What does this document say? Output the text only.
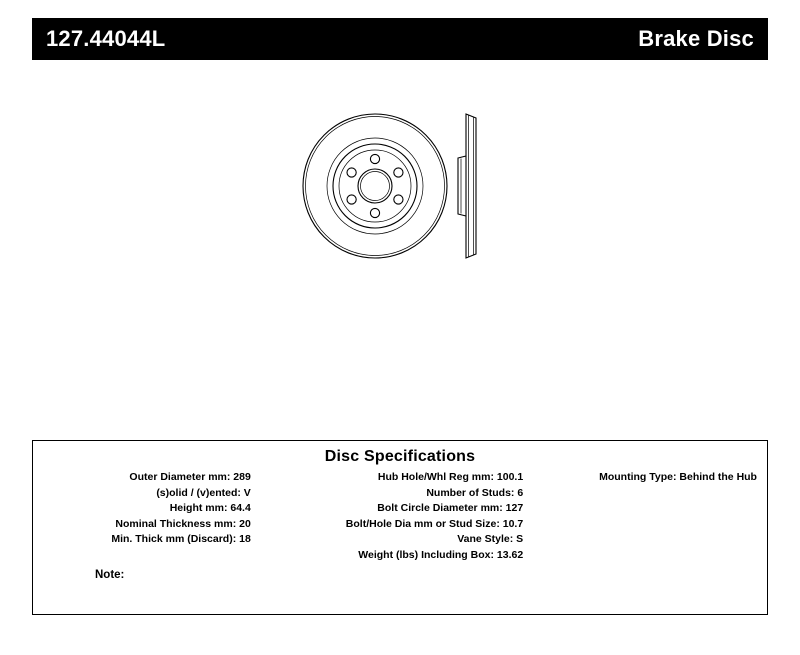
127.44044L	Brake Disc
Disc Specifications
Outer Diameter mm: 289
(s)olid / (v)ented: V
Height mm: 64.4
Nominal Thickness mm: 20
Min. Thick mm (Discard): 18
Hub Hole/Whl Reg mm: 100.1
Number of Studs: 6
Bolt Circle Diameter mm: 127
Bolt/Hole Dia mm or Stud Size: 10.7
Vane Style: S
Weight (lbs) Including Box: 13.62
Mounting Type: Behind the Hub
Note:
